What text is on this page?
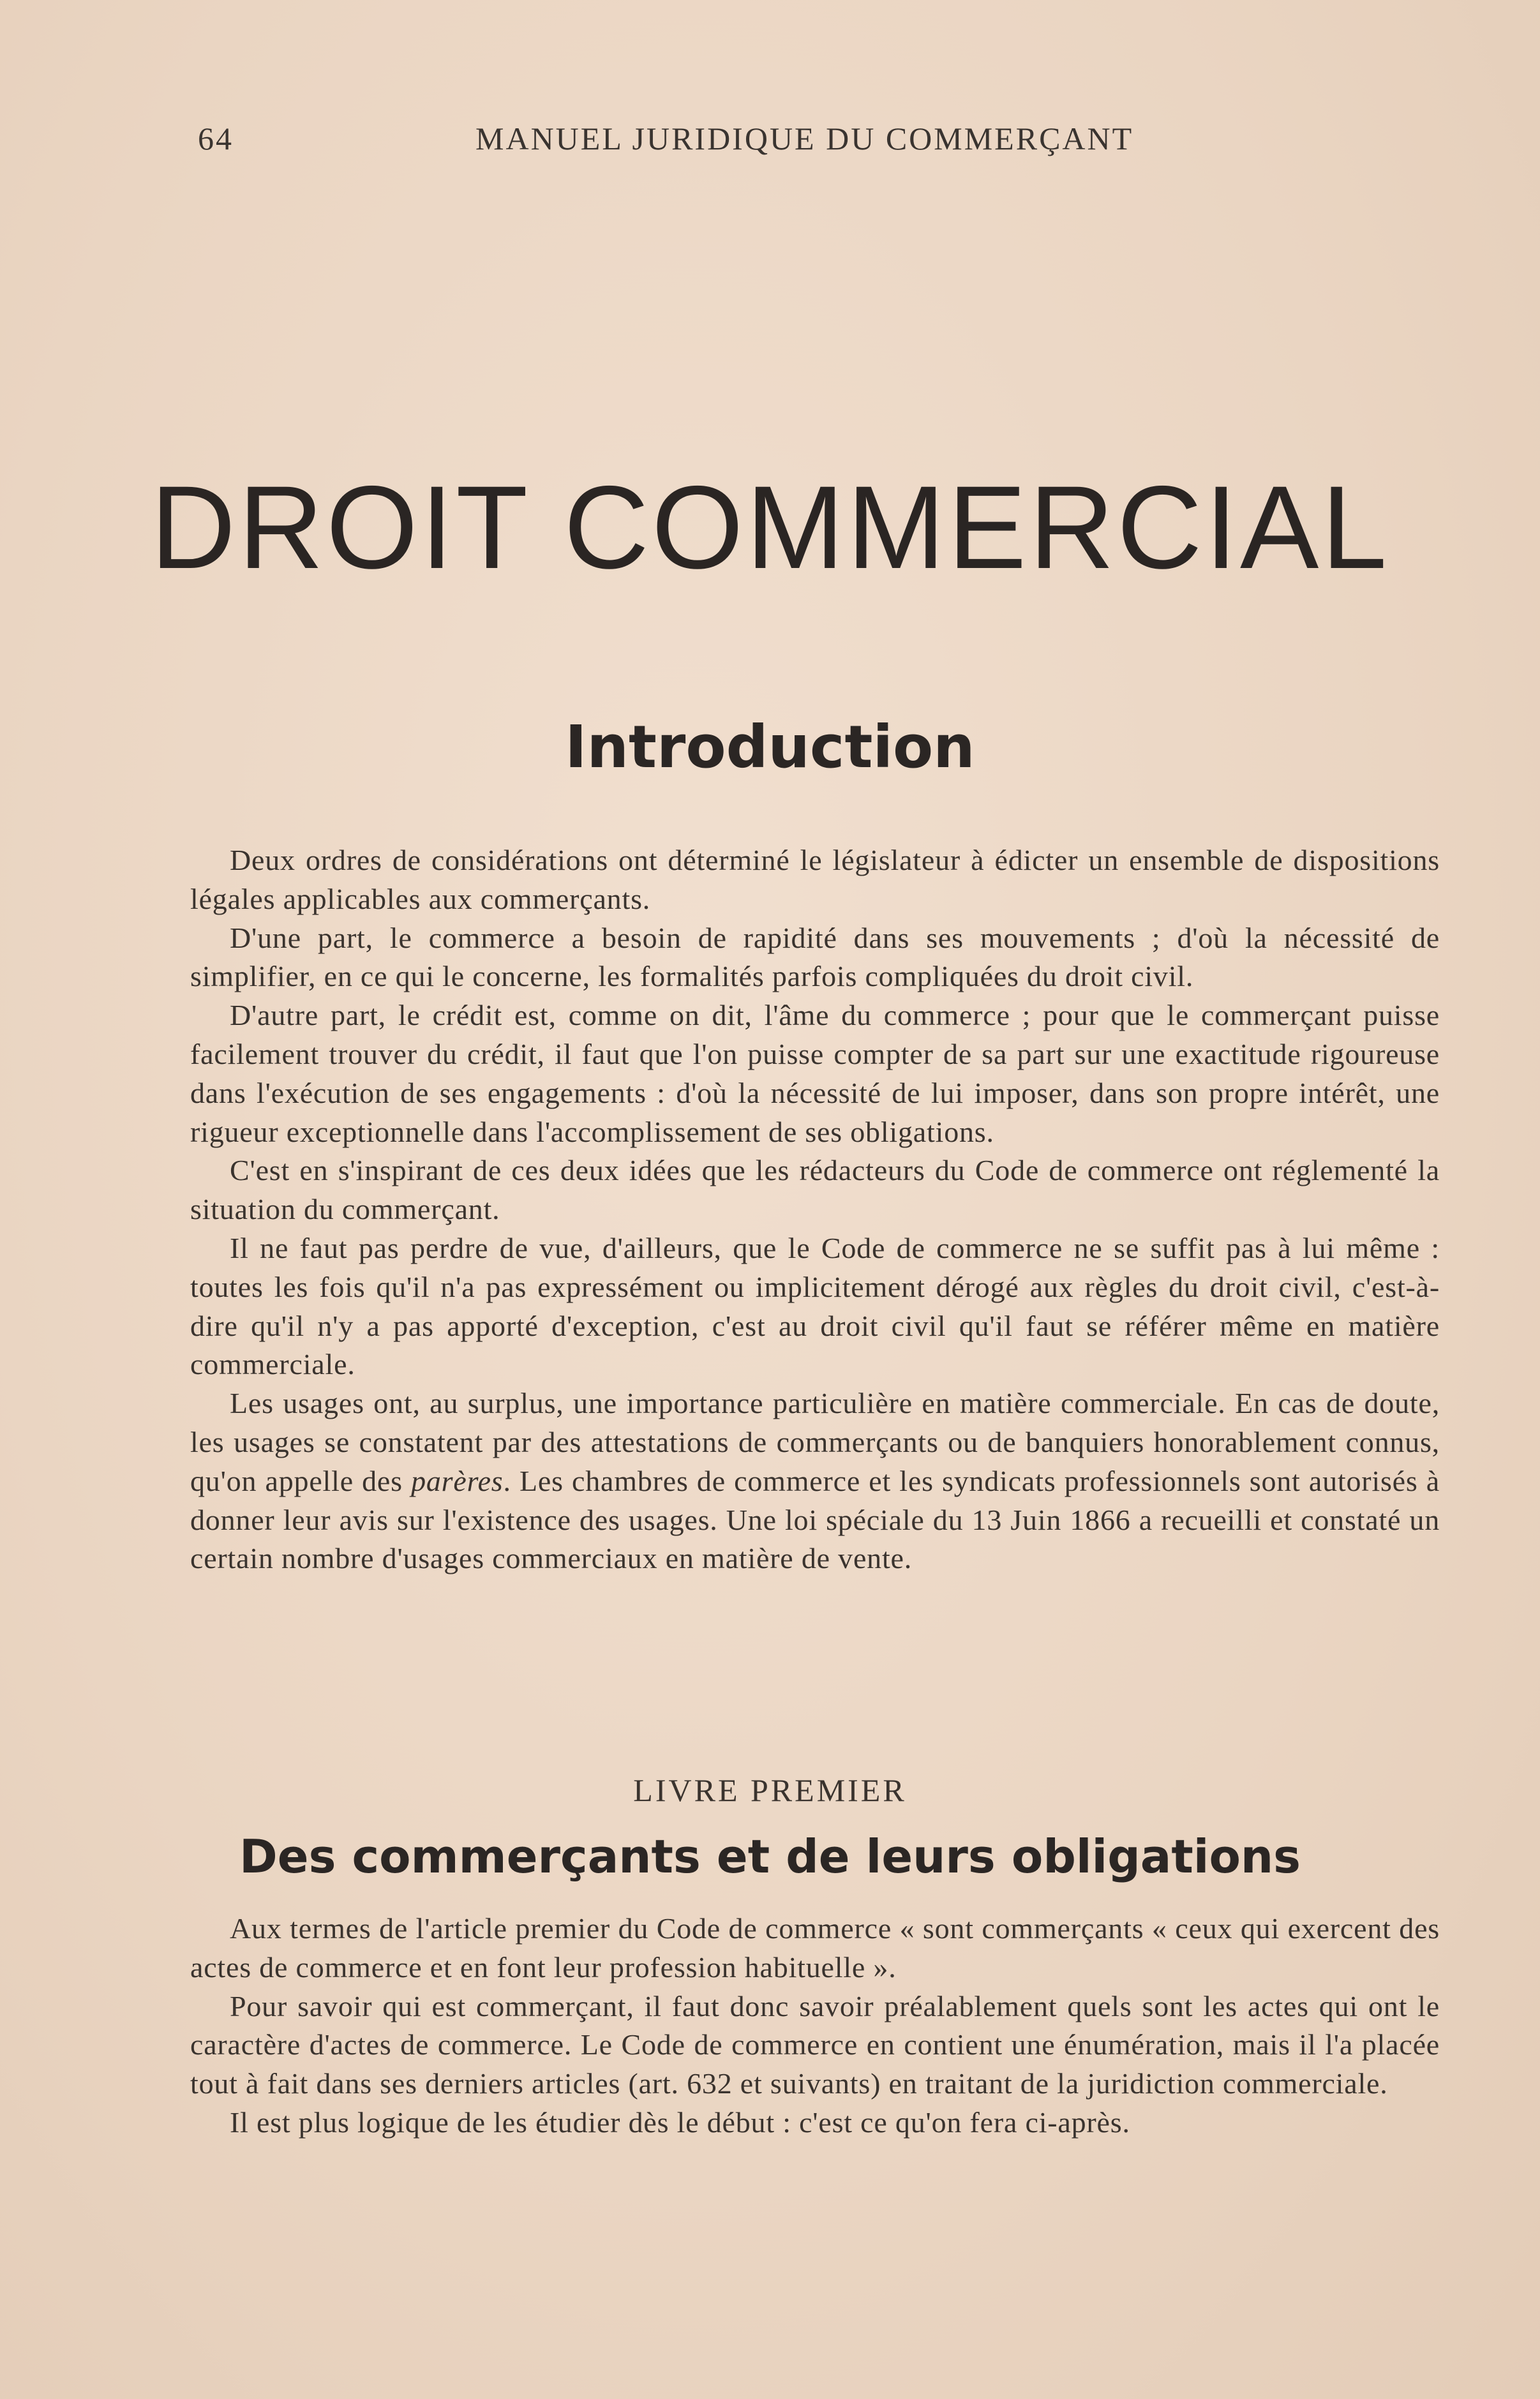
64	MANUEL JURIDIQUE DU COMMERÇANT
DROIT COMMERCIAL
Introduction

Deux ordres de considérations ont déterminé le législateur à édicter un ensemble de dispositions légales applicables aux commerçants.

D'une part, le commerce a besoin de rapidité dans ses mouvements ; d'où la nécessité de simplifier, en ce qui le concerne, les formalités parfois compliquées du droit civil.

D'autre part, le crédit est, comme on dit, l'âme du commerce ; pour que le commerçant puisse facilement trouver du crédit, il faut que l'on puisse compter de sa part sur une exactitude rigoureuse dans l'exécution de ses engagements : d'où la nécessité de lui imposer, dans son propre intérêt, une rigueur exceptionnelle dans l'accomplissement de ses obligations.

C'est en s'inspirant de ces deux idées que les rédacteurs du Code de commerce ont réglementé la situation du commerçant.

Il ne faut pas perdre de vue, d'ailleurs, que le Code de commerce ne se suffit pas à lui même : toutes les fois qu'il n'a pas expressément ou implicitement dérogé aux règles du droit civil, c'est-à-dire qu'il n'y a pas apporté d'exception, c'est au droit civil qu'il faut se référer même en matière commerciale.

Les usages ont, au surplus, une importance particulière en matière commerciale. En cas de doute, les usages se constatent par des attestations de commerçants ou de banquiers honorablement connus, qu'on appelle des parères. Les chambres de commerce et les syndicats professionnels sont autorisés à donner leur avis sur l'existence des usages. Une loi spéciale du 13 Juin 1866 a recueilli et constaté un certain nombre d'usages commerciaux en matière de vente.

LIVRE PREMIER
Des commerçants et de leurs obligations

Aux termes de l'article premier du Code de commerce « sont commerçants « ceux qui exercent des actes de commerce et en font leur profession habituelle ».

Pour savoir qui est commerçant, il faut donc savoir préalablement quels sont les actes qui ont le caractère d'actes de commerce. Le Code de commerce en contient une énumération, mais il l'a placée tout à fait dans ses derniers articles (art. 632 et suivants) en traitant de la juridiction commerciale.

Il est plus logique de les étudier dès le début : c'est ce qu'on fera ci-après.
